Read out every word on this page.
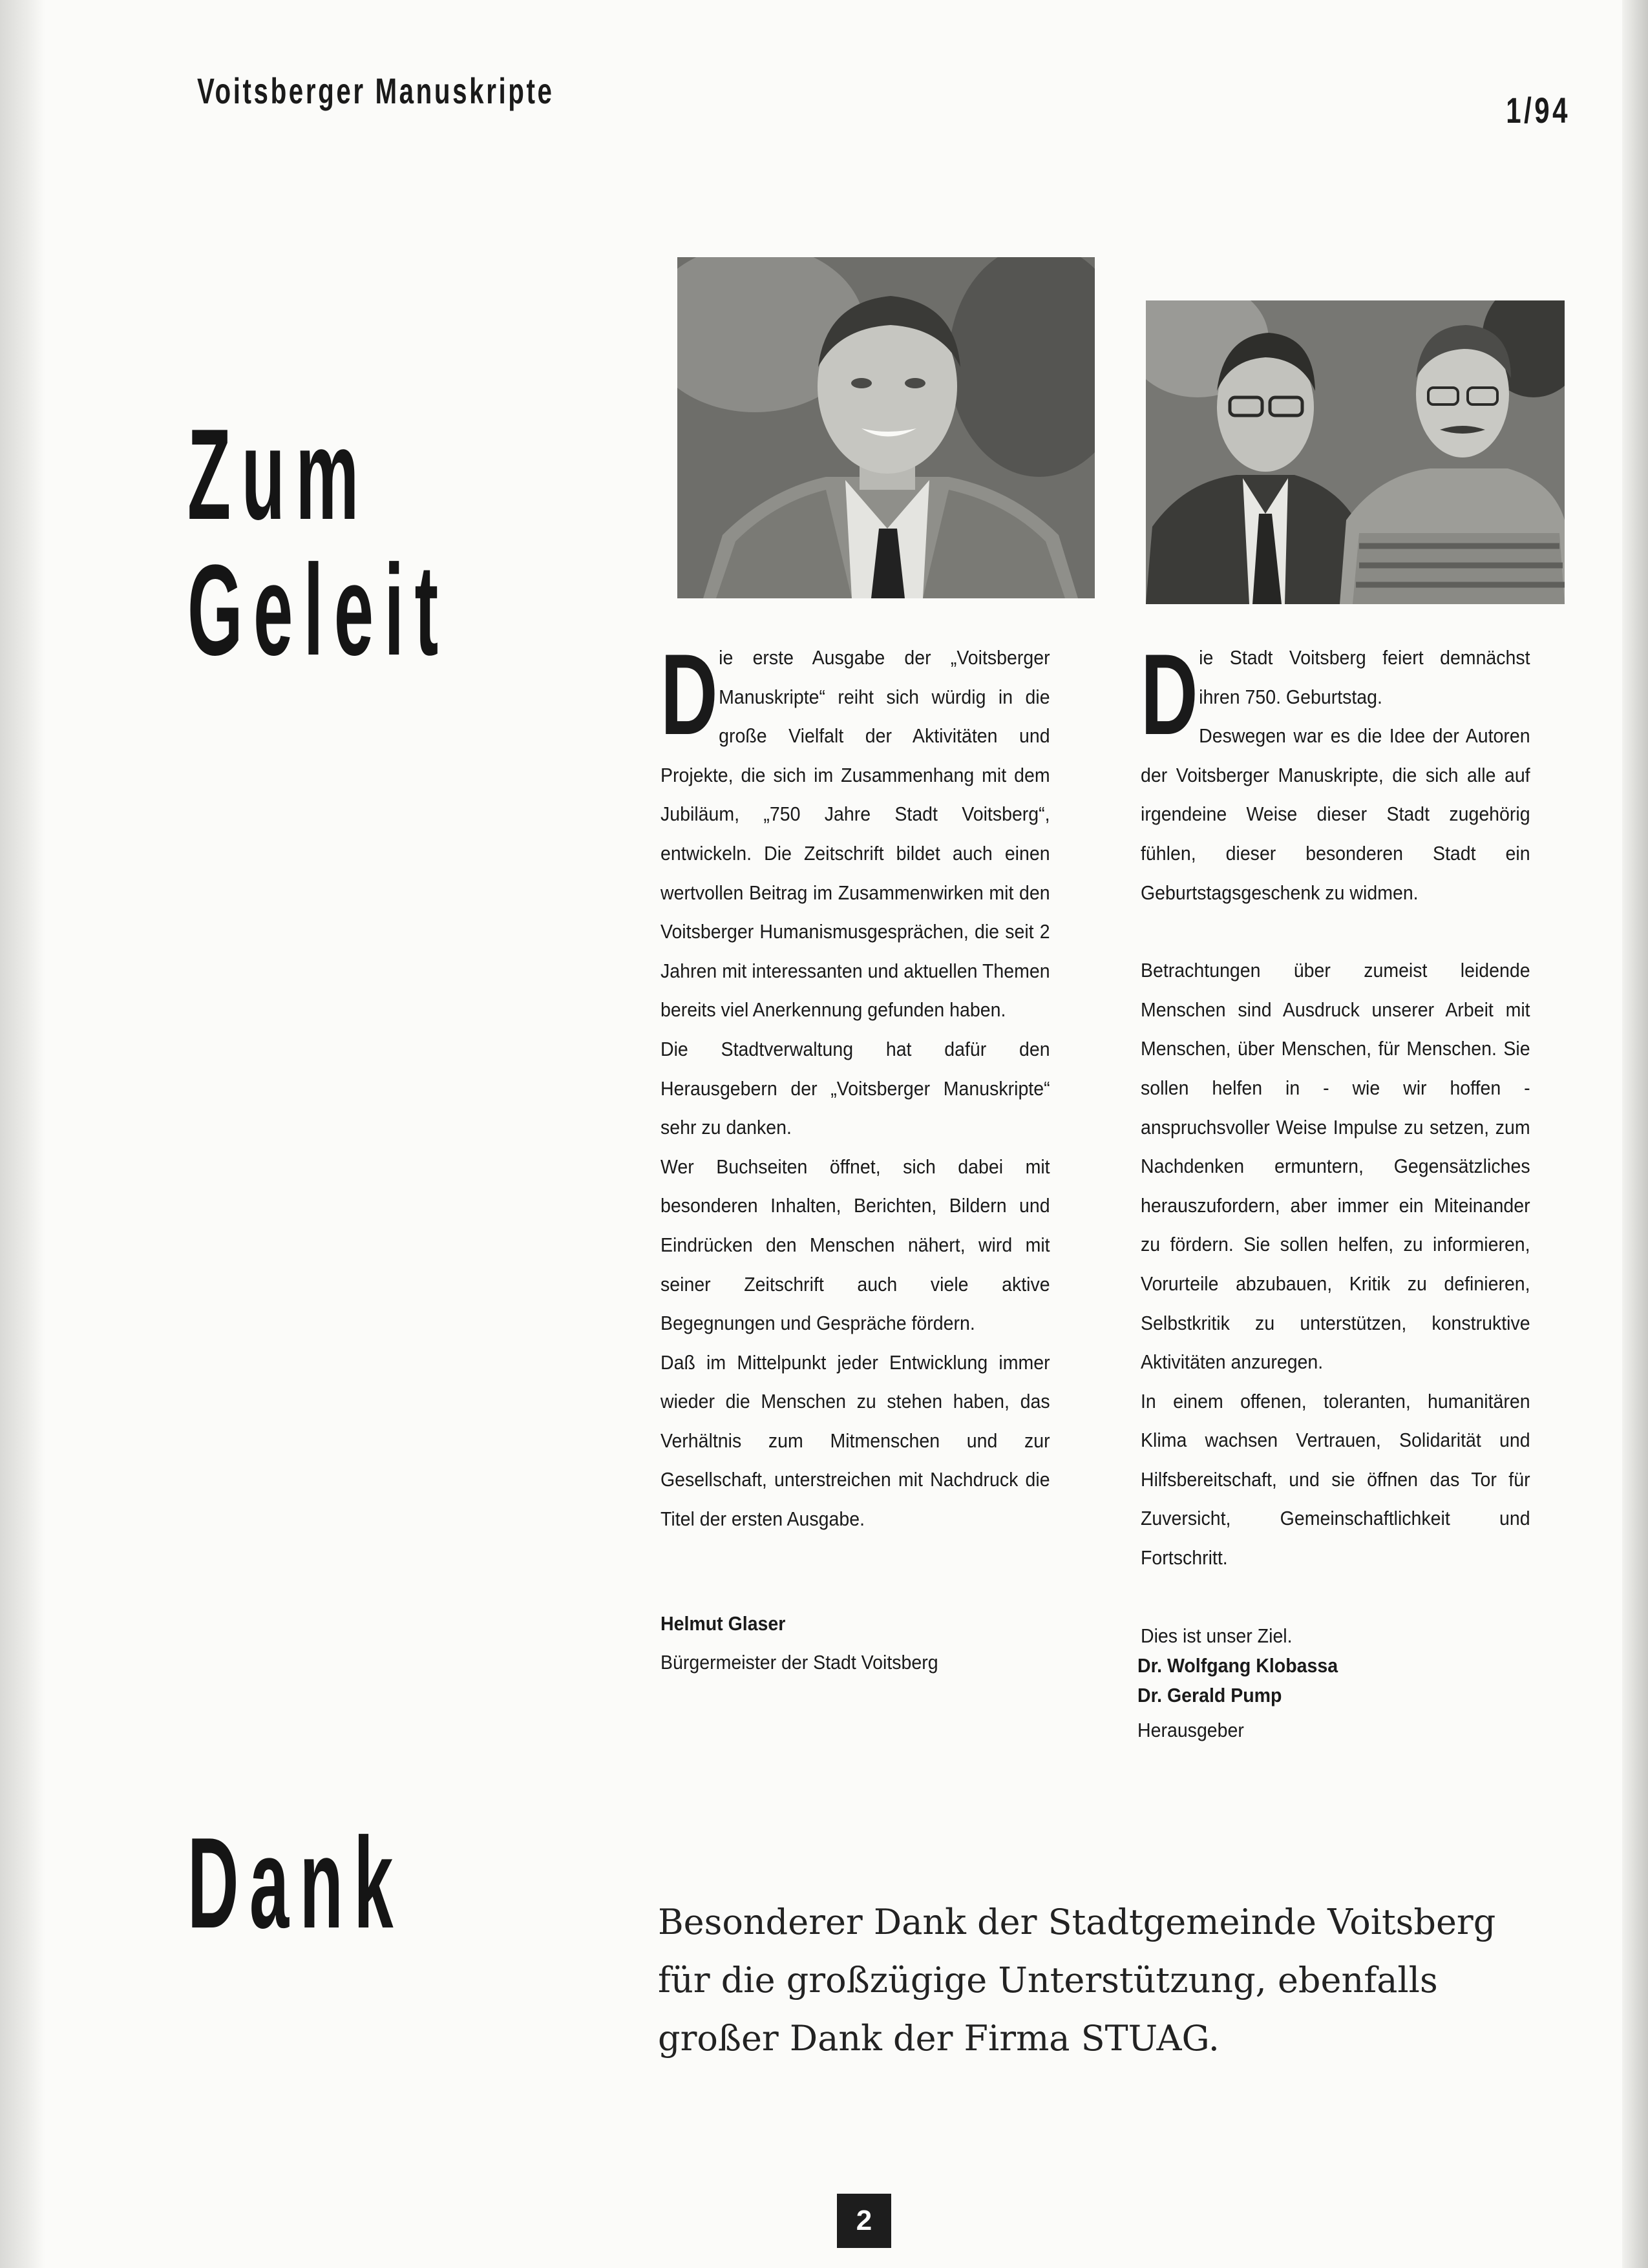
Voitsberger Manuskripte	1/94
Zum
Geleit
D ie erste Ausgabe der „Voitsberger Manuskripte“ reiht sich würdig in die große Vielfalt der Aktivitäten und Projekte, die sich im Zusammenhang mit dem Jubiläum, „750 Jahre Stadt Voitsberg“, entwickeln. Die Zeitschrift bildet auch einen wertvollen Beitrag im Zusammenwirken mit den Voitsberger Humanismusgesprächen, die seit 2 Jahren mit interessanten und aktuellen Themen bereits viel Anerkennung gefunden haben.

Die Stadtverwaltung hat dafür den Herausgebern der „Voitsberger Manuskripte“ sehr zu danken.

Wer Buchseiten öffnet, sich dabei mit besonderen Inhalten, Berichten, Bildern und Eindrücken den Menschen nähert, wird mit seiner Zeitschrift auch viele aktive Begegnungen und Gespräche fördern.

Daß im Mittelpunkt jeder Entwicklung immer wieder die Menschen zu stehen haben, das Verhältnis zum Mitmenschen und zur Gesellschaft, unterstreichen mit Nachdruck die Titel der ersten Ausgabe.

Helmut Glaser
Bürgermeister der Stadt Voitsberg
D ie Stadt Voitsberg feiert demnächst ihren 750. Geburtstag.

Deswegen war es die Idee der Autoren der Voitsberger Manuskripte, die sich alle auf irgendeine Weise dieser Stadt zugehörig fühlen, dieser besonderen Stadt ein Geburtstagsgeschenk zu widmen.

Betrachtungen über zumeist leidende Menschen sind Ausdruck unserer Arbeit mit Menschen, über Menschen, für Menschen. Sie sollen helfen in - wie wir hoffen - anspruchsvoller Weise Impulse zu setzen, zum Nachdenken ermuntern, Gegensätzliches herauszufordern, aber immer ein Miteinander zu fördern. Sie sollen helfen, zu informieren, Vorurteile abzubauen, Kritik zu definieren, Selbstkritik zu unterstützen, konstruktive Aktivitäten anzuregen.

In einem offenen, toleranten, humanitären Klima wachsen Vertrauen, Solidarität und Hilfsbereitschaft, und sie öffnen das Tor für Zuversicht, Gemeinschaftlichkeit und Fortschritt.

Dies ist unser Ziel.

Dr. Wolfgang Klobassa
Dr. Gerald Pump
Herausgeber
Dank	Besonderer Dank der Stadtgemeinde Voitsberg für die großzügige Unterstützung, ebenfalls großer Dank der Firma STUAG.

2
